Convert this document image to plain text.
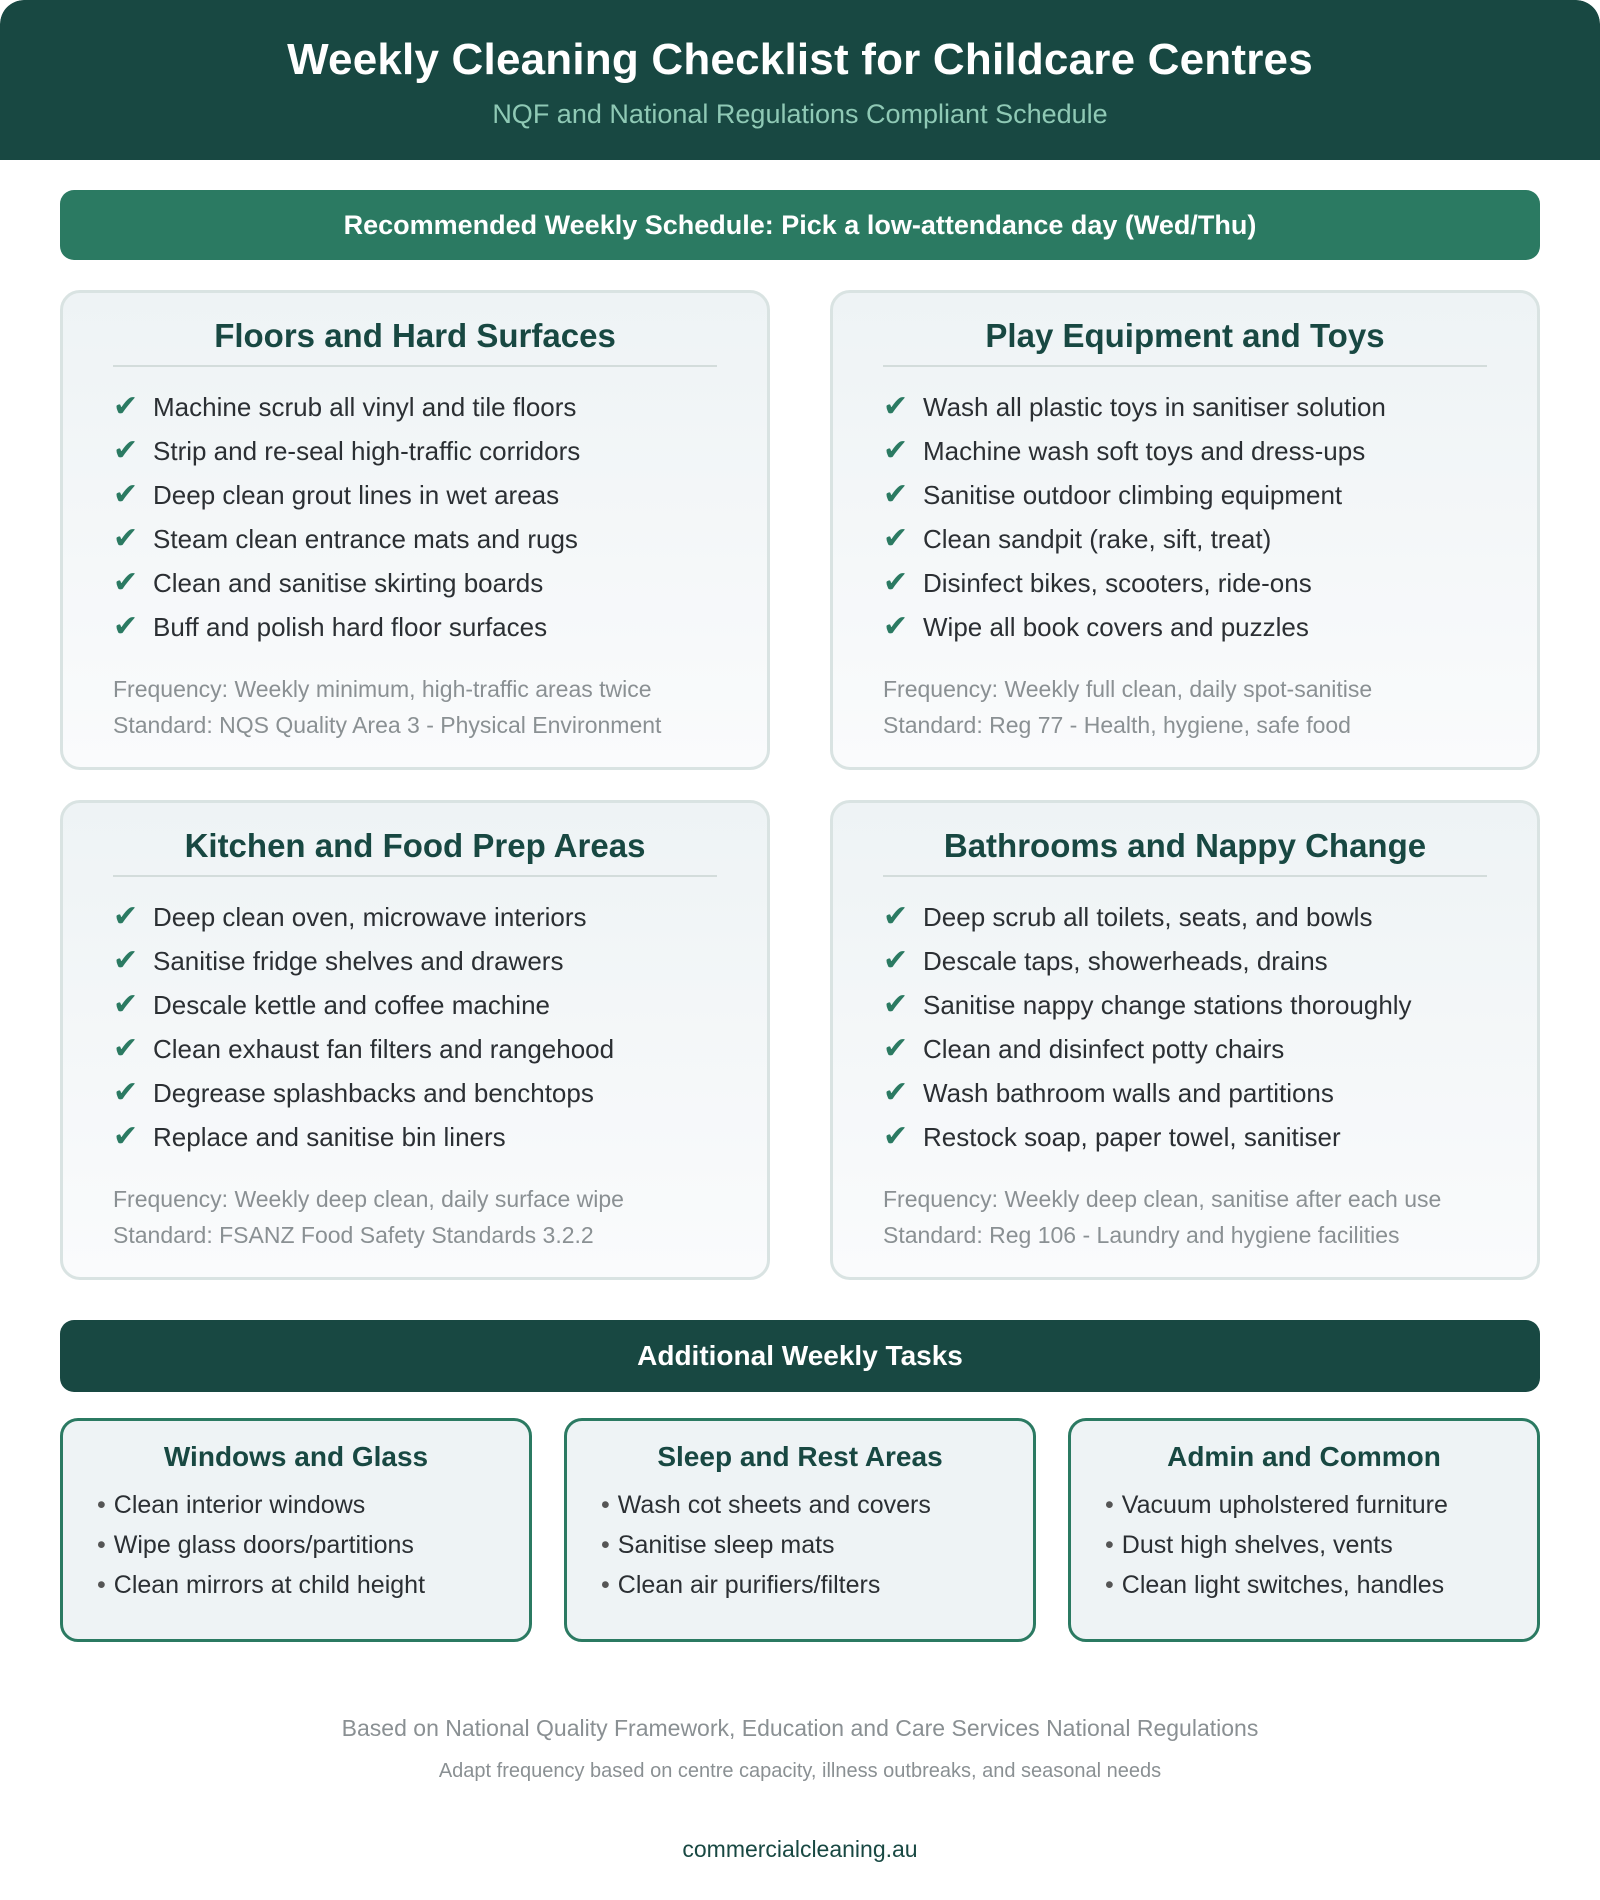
Weekly Cleaning Checklist for Childcare Centres
NQF and National Regulations Compliant Schedule
Recommended Weekly Schedule: Pick a low-attendance day (Wed/Thu)
Floors and Hard Surfaces
✔ Machine scrub all vinyl and tile floors
✔ Strip and re-seal high-traffic corridors
✔ Deep clean grout lines in wet areas
✔ Steam clean entrance mats and rugs
✔ Clean and sanitise skirting boards
✔ Buff and polish hard floor surfaces
Frequency: Weekly minimum, high-traffic areas twice
Standard: NQS Quality Area 3 - Physical Environment
Play Equipment and Toys
✔ Wash all plastic toys in sanitiser solution
✔ Machine wash soft toys and dress-ups
✔ Sanitise outdoor climbing equipment
✔ Clean sandpit (rake, sift, treat)
✔ Disinfect bikes, scooters, ride-ons
✔ Wipe all book covers and puzzles
Frequency: Weekly full clean, daily spot-sanitise
Standard: Reg 77 - Health, hygiene, safe food
Kitchen and Food Prep Areas
✔ Deep clean oven, microwave interiors
✔ Sanitise fridge shelves and drawers
✔ Descale kettle and coffee machine
✔ Clean exhaust fan filters and rangehood
✔ Degrease splashbacks and benchtops
✔ Replace and sanitise bin liners
Frequency: Weekly deep clean, daily surface wipe
Standard: FSANZ Food Safety Standards 3.2.2
Bathrooms and Nappy Change
✔ Deep scrub all toilets, seats, and bowls
✔ Descale taps, showerheads, drains
✔ Sanitise nappy change stations thoroughly
✔ Clean and disinfect potty chairs
✔ Wash bathroom walls and partitions
✔ Restock soap, paper towel, sanitiser
Frequency: Weekly deep clean, sanitise after each use
Standard: Reg 106 - Laundry and hygiene facilities
Additional Weekly Tasks
Windows and Glass
• Clean interior windows
• Wipe glass doors/partitions
• Clean mirrors at child height
Sleep and Rest Areas
• Wash cot sheets and covers
• Sanitise sleep mats
• Clean air purifiers/filters
Admin and Common
• Vacuum upholstered furniture
• Dust high shelves, vents
• Clean light switches, handles
Based on National Quality Framework, Education and Care Services National Regulations
Adapt frequency based on centre capacity, illness outbreaks, and seasonal needs
commercialcleaning.au
